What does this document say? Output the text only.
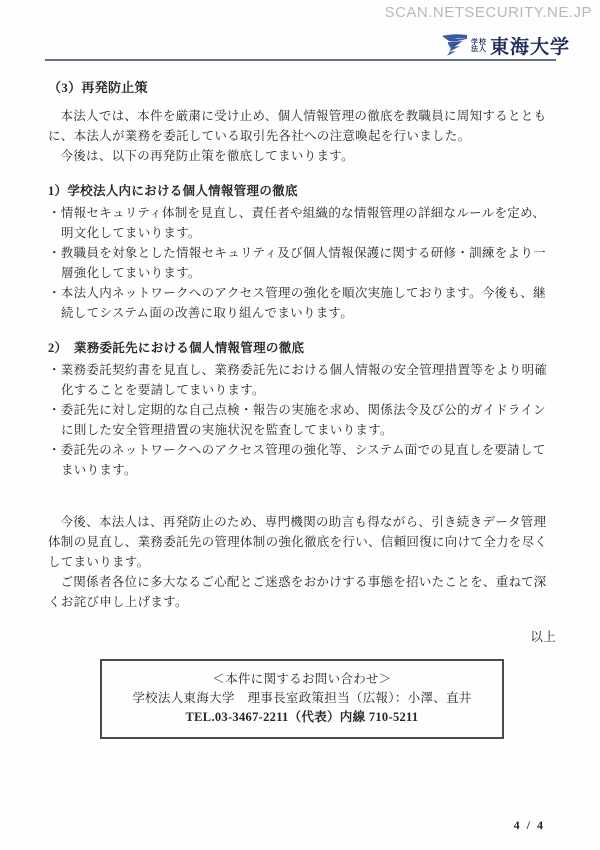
SCAN.NETSECURITY.NE.JP
学校
法人 東海大学
（3）再発防止策

本法人では、本件を厳粛に受け止め、個人情報管理の徹底を教職員に周知するとともに、本法人が業務を委託している取引先各社への注意喚起を行いました。

今後は、以下の再発防止策を徹底してまいります。

1）学校法人内における個人情報管理の徹底

・情報セキュリティ体制を見直し、責任者や組織的な情報管理の詳細なルールを定め、明文化してまいります。

・教職員を対象とした情報セキュリティ及び個人情報保護に関する研修・訓練をより一層強化してまいります。

・本法人内ネットワークへのアクセス管理の強化を順次実施しております。今後も、継続してシステム面の改善に取り組んでまいります。

2）　業務委託先における個人情報管理の徹底

・業務委託契約書を見直し、業務委託先における個人情報の安全管理措置等をより明確化することを要請してまいります。

・委託先に対し定期的な自己点検・報告の実施を求め、関係法令及び公的ガイドラインに則した安全管理措置の実施状況を監査してまいります。

・委託先のネットワークへのアクセス管理の強化等、システム面での見直しを要請してまいります。

今後、本法人は、再発防止のため、専門機関の助言も得ながら、引き続きデータ管理体制の見直し、業務委託先の管理体制の強化徹底を行い、信頼回復に向けて全力を尽くしてまいります。

ご関係者各位に多大なるご心配とご迷惑をおかけする事態を招いたことを、重ねて深くお詫び申し上げます。

以上
＜本件に関するお問い合わせ＞
学校法人東海大学　理事長室政策担当（広報）：小澤、直井
TEL.03-3467-2211（代表）内線 710-5211
4 / 4
